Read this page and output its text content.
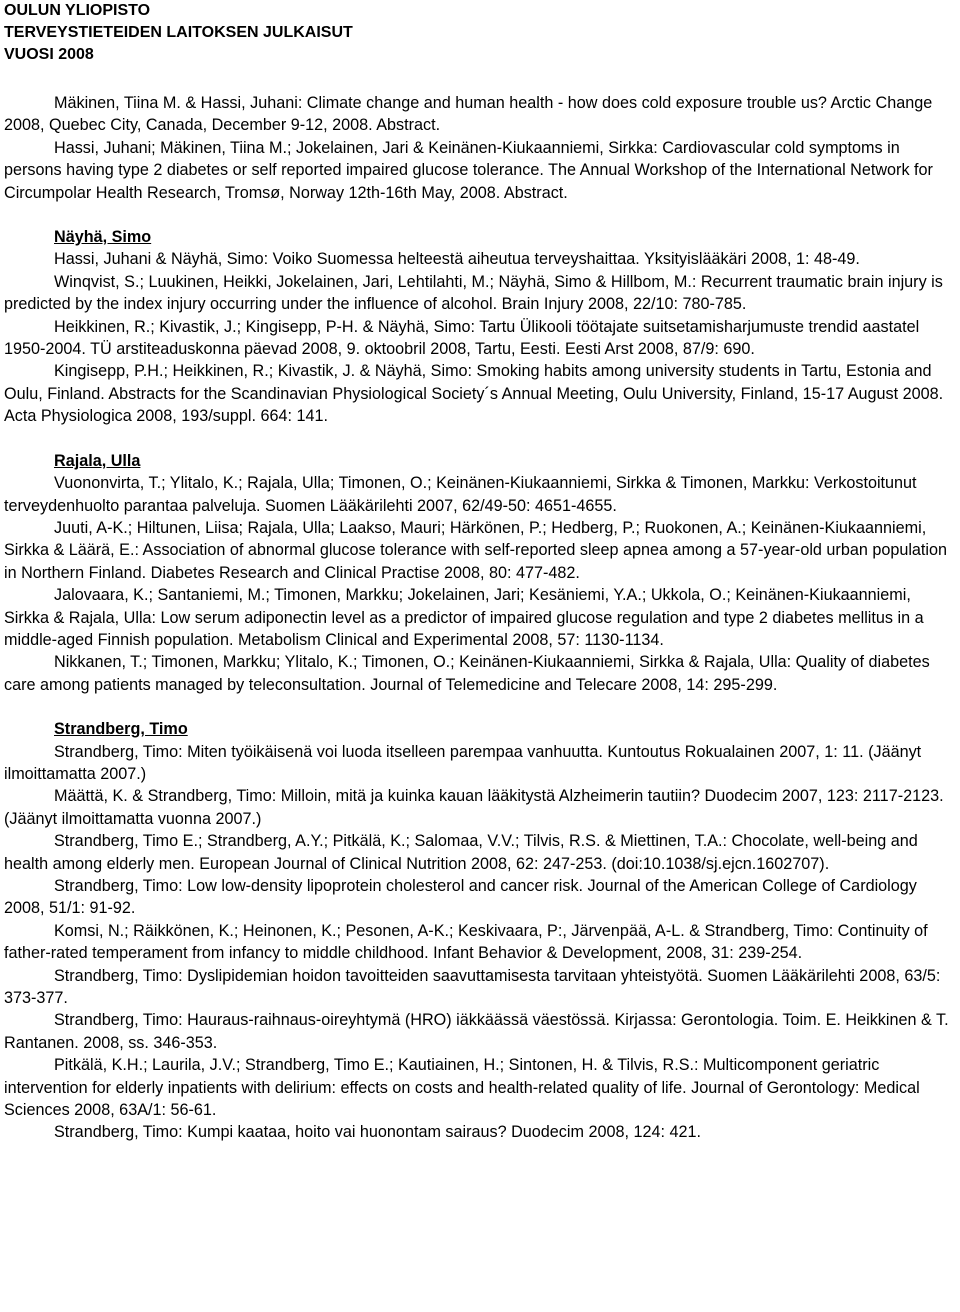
OULUN YLIOPISTO
TERVEYSTIETEIDEN LAITOKSEN JULKAISUT
VUOSI 2008

Mäkinen, Tiina M. & Hassi, Juhani: Climate change and human health - how does cold exposure trouble us? Arctic Change 2008, Quebec City, Canada, December 9-12, 2008. Abstract.

Hassi, Juhani; Mäkinen, Tiina M.; Jokelainen, Jari & Keinänen-Kiukaanniemi, Sirkka: Cardiovascular cold symptoms in persons having type 2 diabetes or self reported impaired glucose tolerance. The Annual Workshop of the International Network for Circumpolar Health Research, Tromsø, Norway 12th-16th May, 2008. Abstract.

Näyhä, Simo

Hassi, Juhani & Näyhä, Simo: Voiko Suomessa helteestä aiheutua terveyshaittaa. Yksityislääkäri 2008, 1: 48-49.

Winqvist, S.; Luukinen, Heikki, Jokelainen, Jari, Lehtilahti, M.; Näyhä, Simo & Hillbom, M.: Recurrent traumatic brain injury is predicted by the index injury occurring under the influence of alcohol. Brain Injury 2008, 22/10: 780-785.

Heikkinen, R.; Kivastik, J.; Kingisepp, P-H. & Näyhä, Simo: Tartu Ülikooli töötajate suitsetamisharjumuste trendid aastatel 1950-2004. TÜ arstiteaduskonna päevad 2008, 9. oktoobril 2008, Tartu, Eesti. Eesti Arst 2008, 87/9: 690.

Kingisepp, P.H.; Heikkinen, R.; Kivastik, J. & Näyhä, Simo: Smoking habits among university students in Tartu, Estonia and Oulu, Finland. Abstracts for the Scandinavian Physiological Society´s Annual Meeting, Oulu University, Finland, 15-17 August 2008. Acta Physiologica 2008, 193/suppl. 664: 141.

Rajala, Ulla

Vuononvirta, T.; Ylitalo, K.; Rajala, Ulla; Timonen, O.; Keinänen-Kiukaanniemi, Sirkka & Timonen, Markku: Verkostoitunut terveydenhuolto parantaa palveluja. Suomen Lääkärilehti 2007, 62/49-50: 4651-4655.

Juuti, A-K.; Hiltunen, Liisa; Rajala, Ulla; Laakso, Mauri; Härkönen, P.; Hedberg, P.; Ruokonen, A.; Keinänen-Kiukaanniemi, Sirkka & Läärä, E.: Association of abnormal glucose tolerance with self-reported sleep apnea among a 57-year-old urban population in Northern Finland. Diabetes Research and Clinical Practise 2008, 80: 477-482.

Jalovaara, K.; Santaniemi, M.; Timonen, Markku; Jokelainen, Jari; Kesäniemi, Y.A.; Ukkola, O.; Keinänen-Kiukaanniemi, Sirkka & Rajala, Ulla: Low serum adiponectin level as a predictor of impaired glucose regulation and type 2 diabetes mellitus in a middle-aged Finnish population. Metabolism Clinical and Experimental 2008, 57: 1130-1134.

Nikkanen, T.; Timonen, Markku; Ylitalo, K.; Timonen, O.; Keinänen-Kiukaanniemi, Sirkka & Rajala, Ulla: Quality of diabetes care among patients managed by teleconsultation. Journal of Telemedicine and Telecare 2008, 14: 295-299.

Strandberg, Timo

Strandberg, Timo: Miten työikäisenä voi luoda itselleen parempaa vanhuutta. Kuntoutus Rokualainen 2007, 1: 11. (Jäänyt ilmoittamatta 2007.)

Määttä, K. & Strandberg, Timo: Milloin, mitä ja kuinka kauan lääkitystä Alzheimerin tautiin? Duodecim 2007, 123: 2117-2123. (Jäänyt ilmoittamatta vuonna 2007.)

Strandberg, Timo E.; Strandberg, A.Y.; Pitkälä, K.; Salomaa, V.V.; Tilvis, R.S. & Miettinen, T.A.: Chocolate, well-being and health among elderly men. European Journal of Clinical Nutrition 2008, 62: 247-253. (doi:10.1038/sj.ejcn.1602707).

Strandberg, Timo: Low low-density lipoprotein cholesterol and cancer risk. Journal of the American College of Cardiology 2008, 51/1: 91-92.

Komsi, N.; Räikkönen, K.; Heinonen, K.; Pesonen, A-K.; Keskivaara, P:, Järvenpää, A-L. & Strandberg, Timo: Continuity of father-rated temperament from infancy to middle childhood. Infant Behavior & Development, 2008, 31: 239-254.

Strandberg, Timo: Dyslipidemian hoidon tavoitteiden saavuttamisesta tarvitaan yhteistyötä. Suomen Lääkärilehti 2008, 63/5: 373-377.

Strandberg, Timo: Hauraus-raihnaus-oireyhtymä (HRO) iäkkäässä väestössä. Kirjassa: Gerontologia. Toim. E. Heikkinen & T. Rantanen. 2008, ss. 346-353.

Pitkälä, K.H.; Laurila, J.V.; Strandberg, Timo E.; Kautiainen, H.; Sintonen, H. & Tilvis, R.S.: Multicomponent geriatric intervention for elderly inpatients with delirium: effects on costs and health-related quality of life. Journal of Gerontology: Medical Sciences 2008, 63A/1: 56-61.

Strandberg, Timo: Kumpi kaataa, hoito vai huonontam sairaus? Duodecim 2008, 124: 421.
